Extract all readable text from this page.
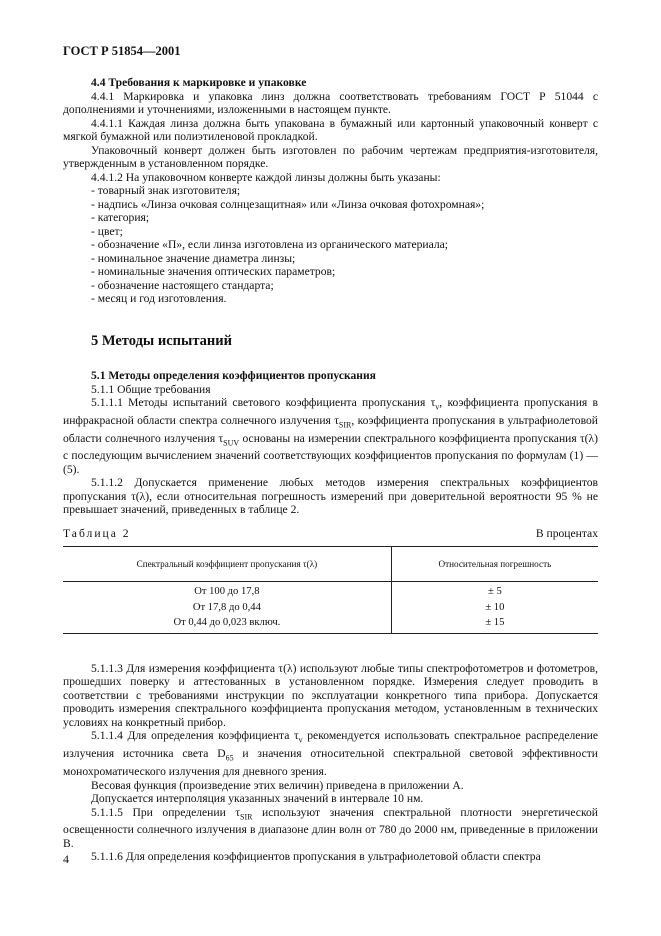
ГОСТ Р 51854—2001

4.4 Требования к маркировке и упаковке

4.4.1 Маркировка и упаковка линз должна соответствовать требованиям ГОСТ Р 51044 с дополнениями и уточнениями, изложенными в настоящем пункте.

4.4.1.1 Каждая линза должна быть упакована в бумажный или картонный упаковочный конверт с мягкой бумажной или полиэтиленовой прокладкой.

Упаковочный конверт должен быть изготовлен по рабочим чертежам предприятия-изготовителя, утвержденным в установленном порядке.

4.4.1.2 На упаковочном конверте каждой линзы должны быть указаны:

- товарный знак изготовителя;

- надпись «Линза очковая солнцезащитная» или «Линза очковая фотохромная»;

- категория;

- цвет;

- обозначение «П», если линза изготовлена из органического материала;

- номинальное значение диаметра линзы;

- номинальные значения оптических параметров;

- обозначение настоящего стандарта;

- месяц и год изготовления.

5 Методы испытаний

5.1 Методы определения коэффициентов пропускания

5.1.1 Общие требования

5.1.1.1 Методы испытаний светового коэффициента пропускания $\tau_v$, коэффициента пропускания в инфракрасной области спектра солнечного излучения $\tau_{SIR}$, коэффициента пропускания в ультрафиолетовой области солнечного излучения $\tau_{SUV}$ основаны на измерении спектрального коэффициента пропускания τ(λ) с последующим вычислением значений соответствующих коэффициентов пропускания по формулам (1) — (5).

5.1.1.2 Допускается применение любых методов измерения спектральных коэффициентов пропускания τ(λ), если относительная погрешность измерений при доверительной вероятности 95 % не превышает значений, приведенных в таблице 2.

Таблица 2	В процентах
Спектральный коэффициент пропускания τ(λ)	Относительная погрешность
От 100 до 17,8	± 5
От 17,8 до 0,44	± 10
От 0,44 до 0,023 включ.	± 15

5.1.1.3 Для измерения коэффициента τ(λ) используют любые типы спектрофотометров и фотометров, прошедших поверку и аттестованных в установленном порядке. Измерения следует проводить в соответствии с требованиями инструкции по эксплуатации конкретного типа прибора. Допускается проводить измерения спектрального коэффициента пропускания методом, установленным в технических условиях на конкретный прибор.

5.1.1.4 Для определения коэффициента $\tau_v$ рекомендуется использовать спектральное распределение излучения источника света $D_{65}$ и значения относительной спектральной световой эффективности монохроматического излучения для дневного зрения.

Весовая функция (произведение этих величин) приведена в приложении А.

Допускается интерполяция указанных значений в интервале 10 нм.

5.1.1.5 При определении $\tau_{SIR}$ используют значения спектральной плотности энергетической освещенности солнечного излучения в диапазоне длин волн от 780 до 2000 нм, приведенные в приложении В.

5.1.1.6 Для определения коэффициентов пропускания в ультрафиолетовой области спектра

4
